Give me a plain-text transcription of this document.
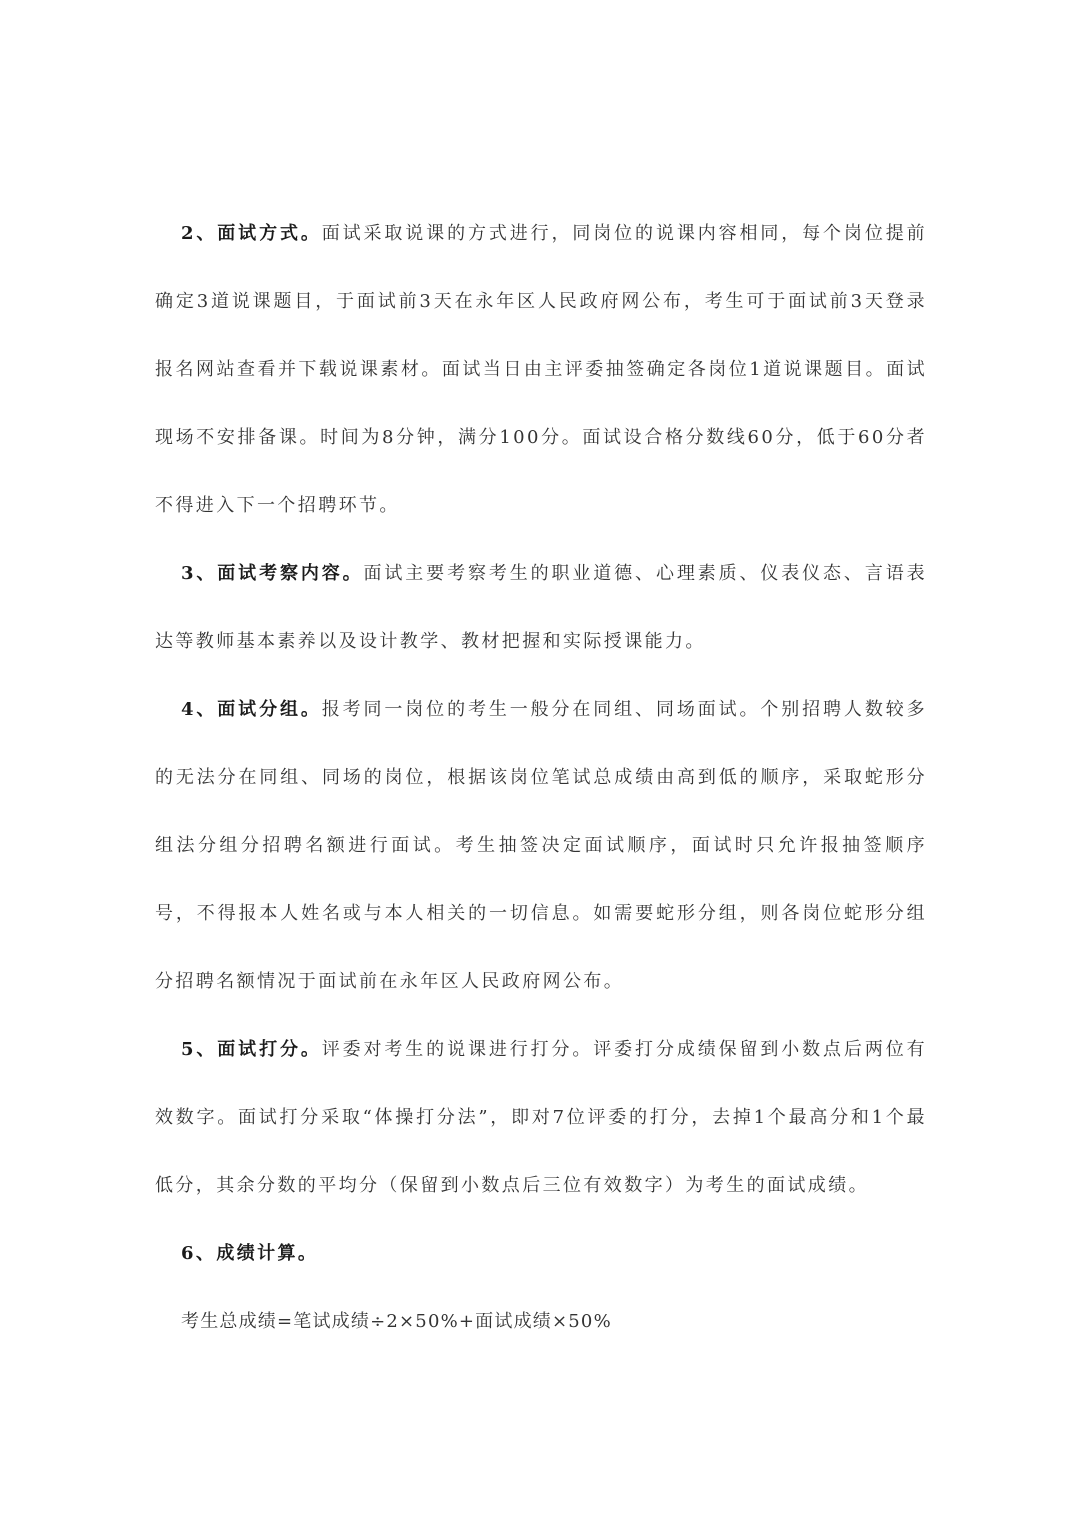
2、面试方式。面试采取说课的方式进行，同岗位的说课内容相同，每个岗位提前确定3道说课题目，于面试前3天在永年区人民政府网公布，考生可于面试前3天登录报名网站查看并下载说课素材。面试当日由主评委抽签确定各岗位1道说课题目。面试现场不安排备课。时间为8分钟，满分100分。面试设合格分数线60分，低于60分者不得进入下一个招聘环节。

3、面试考察内容。面试主要考察考生的职业道德、心理素质、仪表仪态、言语表达等教师基本素养以及设计教学、教材把握和实际授课能力。

4、面试分组。报考同一岗位的考生一般分在同组、同场面试。个别招聘人数较多的无法分在同组、同场的岗位，根据该岗位笔试总成绩由高到低的顺序，采取蛇形分组法分组分招聘名额进行面试。考生抽签决定面试顺序，面试时只允许报抽签顺序号，不得报本人姓名或与本人相关的一切信息。如需要蛇形分组，则各岗位蛇形分组分招聘名额情况于面试前在永年区人民政府网公布。

5、面试打分。评委对考生的说课进行打分。评委打分成绩保留到小数点后两位有效数字。面试打分采取“体操打分法”，即对7位评委的打分，去掉1个最高分和1个最低分，其余分数的平均分（保留到小数点后三位有效数字）为考生的面试成绩。

6、成绩计算。

考生总成绩=笔试成绩÷2×50%+面试成绩×50%
